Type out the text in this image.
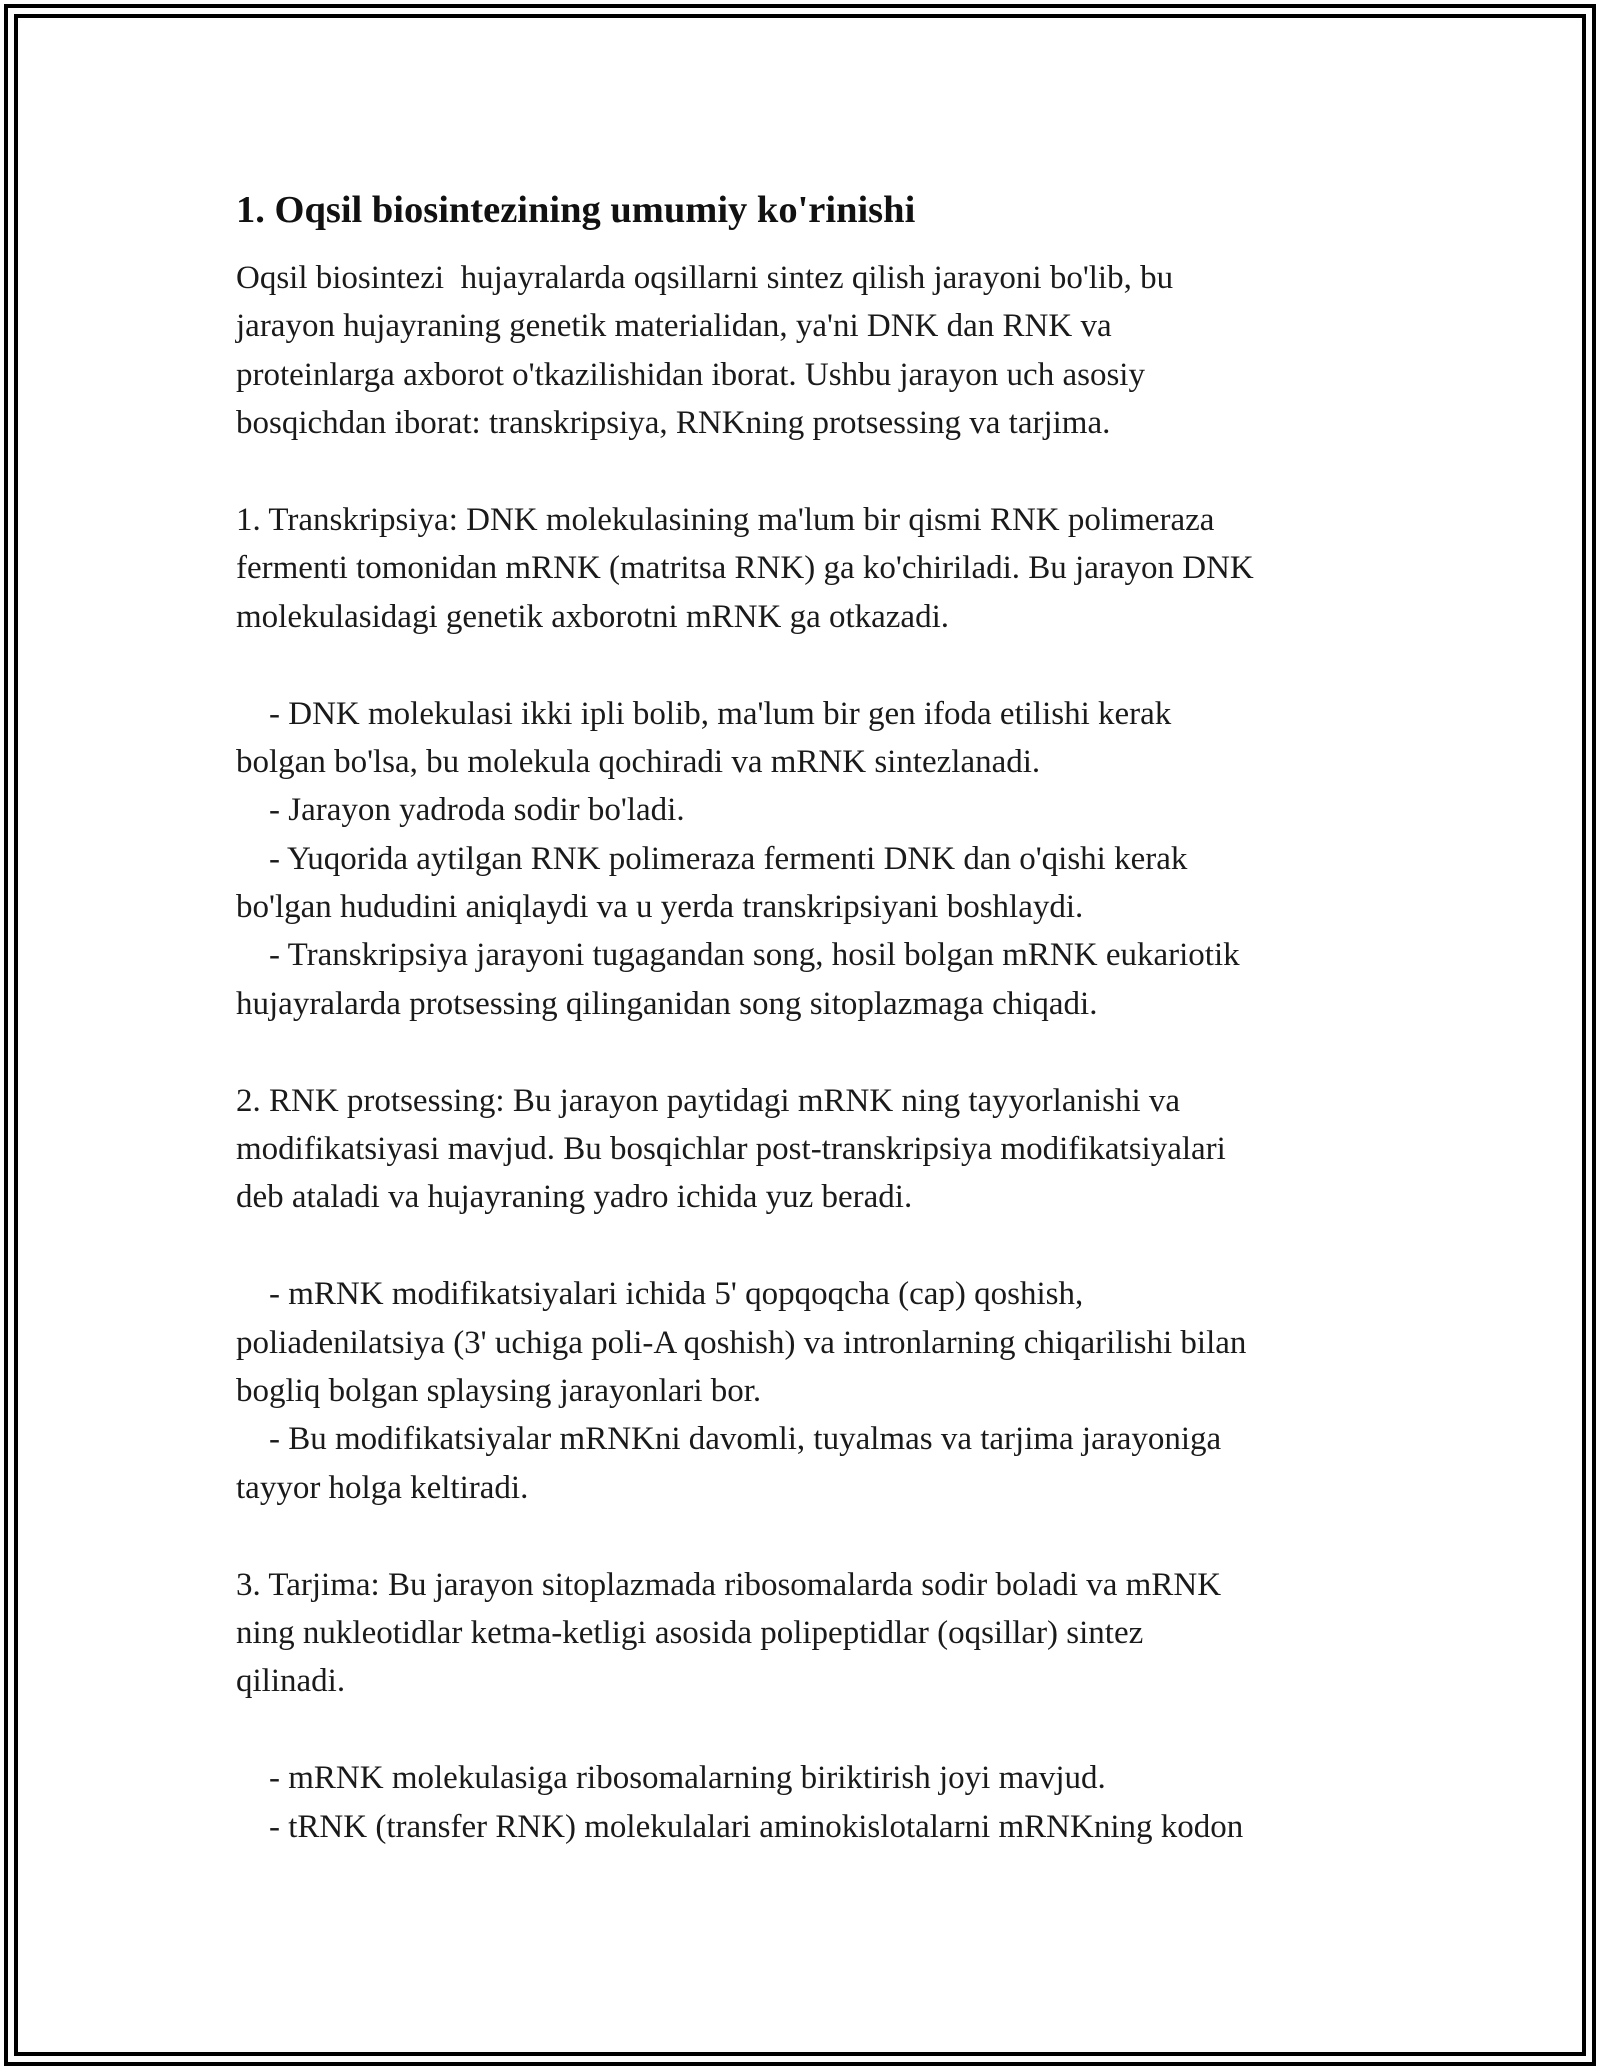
1. Oqsil biosintezining umumiy ko'rinishi
Oqsil biosintezi  hujayralarda oqsillarni sintez qilish jarayoni bo'lib, bu
jarayon hujayraning genetik materialidan, ya'ni DNK dan RNK va
proteinlarga axborot o'tkazilishidan iborat. Ushbu jarayon uch asosiy
bosqichdan iborat: transkripsiya, RNKning protsessing va tarjima.
1. Transkripsiya: DNK molekulasining ma'lum bir qismi RNK polimeraza
fermenti tomonidan mRNK (matritsa RNK) ga ko'chiriladi. Bu jarayon DNK
molekulasidagi genetik axborotni mRNK ga otkazadi.
- DNK molekulasi ikki ipli bolib, ma'lum bir gen ifoda etilishi kerak
bolgan bo'lsa, bu molekula qochiradi va mRNK sintezlanadi.
- Jarayon yadroda sodir bo'ladi.
- Yuqorida aytilgan RNK polimeraza fermenti DNK dan o'qishi kerak
bo'lgan hududini aniqlaydi va u yerda transkripsiyani boshlaydi.
- Transkripsiya jarayoni tugagandan song, hosil bolgan mRNK eukariotik
hujayralarda protsessing qilinganidan song sitoplazmaga chiqadi.
2. RNK protsessing: Bu jarayon paytidagi mRNK ning tayyorlanishi va
modifikatsiyasi mavjud. Bu bosqichlar post-transkripsiya modifikatsiyalari
deb ataladi va hujayraning yadro ichida yuz beradi.
- mRNK modifikatsiyalari ichida 5' qopqoqcha (cap) qoshish,
poliadenilatsiya (3' uchiga poli-A qoshish) va intronlarning chiqarilishi bilan
bogliq bolgan splaysing jarayonlari bor.
- Bu modifikatsiyalar mRNKni davomli, tuyalmas va tarjima jarayoniga
tayyor holga keltiradi.
3. Tarjima: Bu jarayon sitoplazmada ribosomalarda sodir boladi va mRNK
ning nukleotidlar ketma-ketligi asosida polipeptidlar (oqsillar) sintez
qilinadi.
- mRNK molekulasiga ribosomalarning biriktirish joyi mavjud.
- tRNK (transfer RNK) molekulalari aminokislotalarni mRNKning kodon
